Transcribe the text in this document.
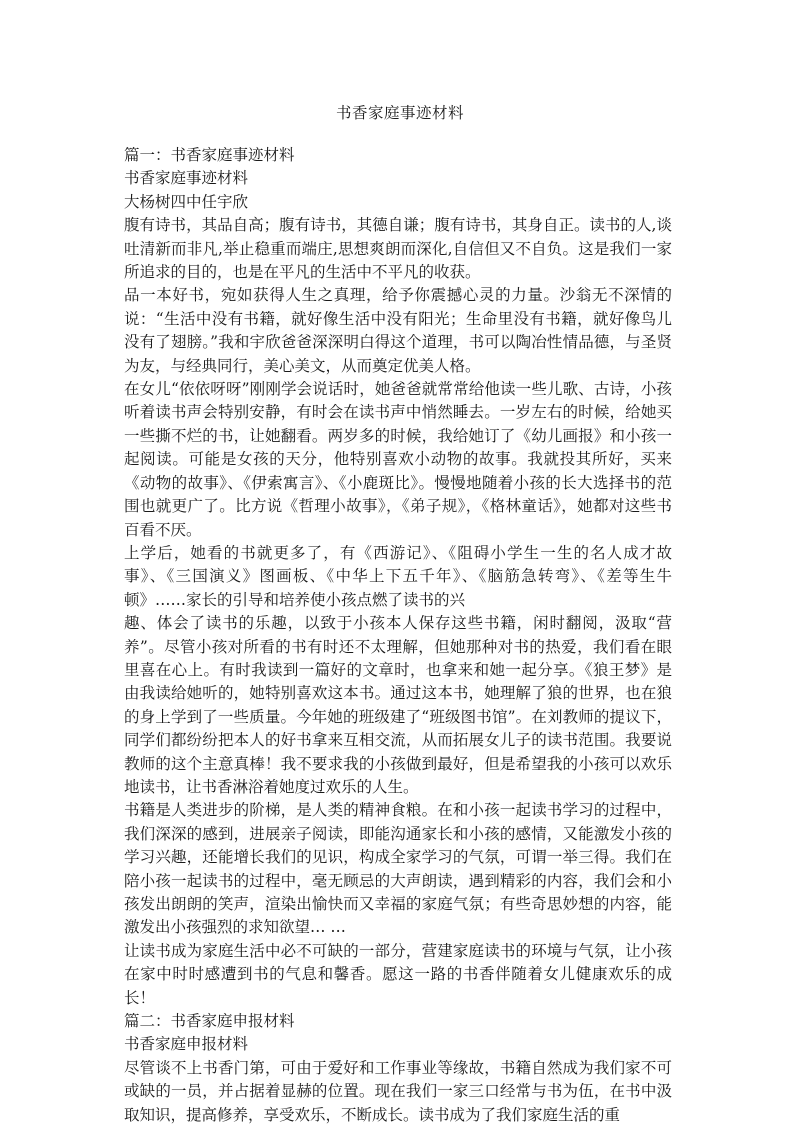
书香家庭事迹材料

篇一：书香家庭事迹材料

书香家庭事迹材料

大杨树四中任宇欣

腹有诗书，其品自高；腹有诗书，其德自谦；腹有诗书，其身自正。读书的人,谈吐清新而非凡,举止稳重而端庄,思想爽朗而深化,自信但又不自负。这是我们一家所追求的目的，也是在平凡的生活中不平凡的收获。

品一本好书，宛如获得人生之真理，给予你震撼心灵的力量。沙翁无不深情的说：“生活中没有书籍，就好像生活中没有阳光；生命里没有书籍，就好像鸟儿没有了翅膀。”我和宇欣爸爸深深明白得这个道理，书可以陶冶性情品德，与圣贤为友，与经典同行，美心美文，从而奠定优美人格。

在女儿“依依呀呀”刚刚学会说话时，她爸爸就常常给他读一些儿歌、古诗，小孩听着读书声会特别安静，有时会在读书声中悄然睡去。一岁左右的时候，给她买一些撕不烂的书，让她翻看。两岁多的时候，我给她订了《幼儿画报》和小孩一起阅读。可能是女孩的天分，他特别喜欢小动物的故事。我就投其所好，买来《动物的故事》、《伊索寓言》、《小鹿斑比》。慢慢地随着小孩的长大选择书的范围也就更广了。比方说《哲理小故事》，《弟子规》，《格林童话》，她都对这些书百看不厌。

上学后，她看的书就更多了，有《西游记》、《阻碍小学生一生的名人成才故事》、《三国演义》图画板、《中华上下五千年》、《脑筋急转弯》、《差等生牛顿》……家长的引导和培养使小孩点燃了读书的兴

趣、体会了读书的乐趣，以致于小孩本人保存这些书籍，闲时翻阅，汲取“营养”。尽管小孩对所看的书有时还不太理解，但她那种对书的热爱，我们看在眼里喜在心上。有时我读到一篇好的文章时，也拿来和她一起分享。《狼王梦》是由我读给她听的，她特别喜欢这本书。通过这本书，她理解了狼的世界，也在狼的身上学到了一些质量。今年她的班级建了“班级图书馆”。在刘教师的提议下，同学们都纷纷把本人的好书拿来互相交流，从而拓展女儿子的读书范围。我要说教师的这个主意真棒！我不要求我的小孩做到最好，但是希望我的小孩可以欢乐地读书，让书香淋浴着她度过欢乐的人生。

书籍是人类进步的阶梯，是人类的精神食粮。在和小孩一起读书学习的过程中，我们深深的感到，进展亲子阅读，即能沟通家长和小孩的感情，又能激发小孩的学习兴趣，还能增长我们的见识，构成全家学习的气氛，可谓一举三得。我们在陪小孩一起读书的过程中，毫无顾忌的大声朗读，遇到精彩的内容，我们会和小孩发出朗朗的笑声，渲染出愉快而又幸福的家庭气氛；有些奇思妙想的内容，能激发出小孩强烈的求知欲望… …

让读书成为家庭生活中必不可缺的一部分，营建家庭读书的环境与气氛，让小孩在家中时时感遭到书的气息和馨香。愿这一路的书香伴随着女儿健康欢乐的成长！

篇二：书香家庭申报材料

书香家庭申报材料

尽管谈不上书香门第，可由于爱好和工作事业等缘故，书籍自然成为我们家不可或缺的一员，并占据着显赫的位置。现在我们一家三口经常与书为伍，在书中汲取知识，提高修养，享受欢乐，不断成长。读书成为了我们家庭生活的重
